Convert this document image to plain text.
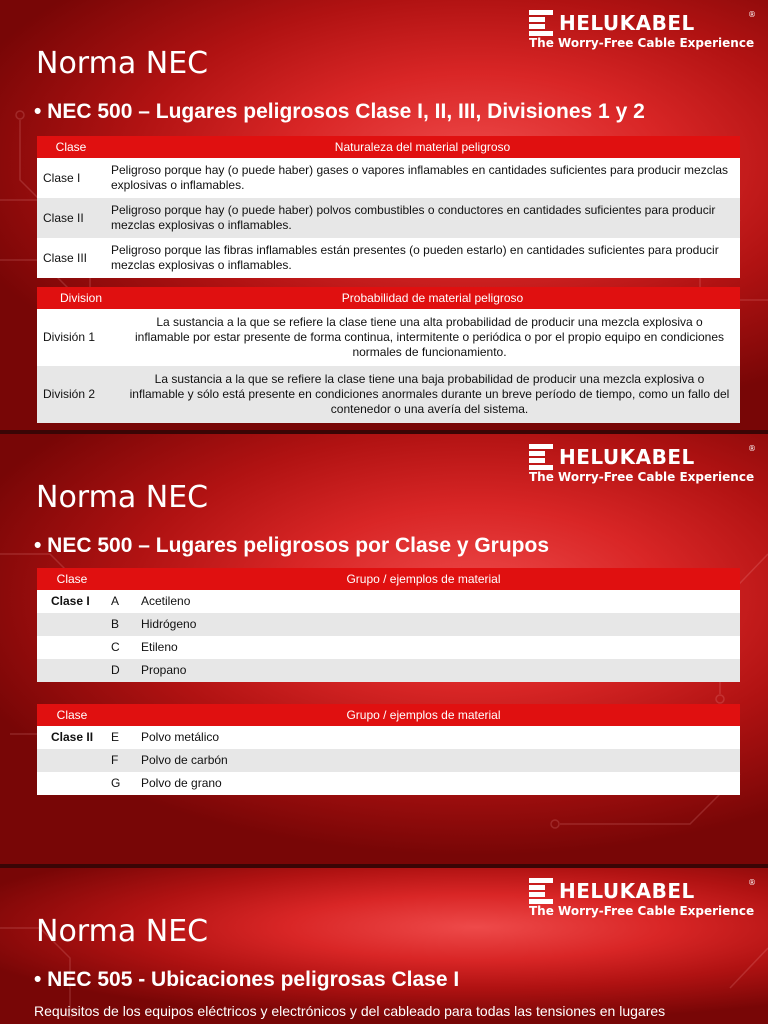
HELUKABEL	®
The Worry-Free Cable Experience
Norma NEC
• NEC 500 – Lugares peligrosos Clase I, II, III, Divisiones 1 y 2
Clase	Naturaleza del material peligroso
Clase I	Peligroso porque hay (o puede haber) gases o vapores inflamables en cantidades suficientes para producir mezclas explosivas o inflamables.
Clase II	Peligroso porque hay (o puede haber) polvos combustibles o conductores en cantidades suficientes para producir mezclas explosivas o inflamables.
Clase III	Peligroso porque las fibras inflamables están presentes (o pueden estarlo) en cantidades suficientes para producir mezclas explosivas o inflamables.
Division	Probabilidad de material peligroso
División 1	La sustancia a la que se refiere la clase tiene una alta probabilidad de producir una mezcla explosiva o inflamable por estar presente de forma continua, intermitente o periódica o por el propio equipo en condiciones normales de funcionamiento.
División 2	La sustancia a la que se refiere la clase tiene una baja probabilidad de producir una mezcla explosiva o inflamable y sólo está presente en condiciones anormales durante un breve período de tiempo, como un fallo del contenedor o una avería del sistema.
HELUKABEL	®
The Worry-Free Cable Experience
Norma NEC
• NEC 500 – Lugares peligrosos por Clase y Grupos
Clase	Grupo / ejemplos de material	
Clase I	A	Acetileno
	B	Hidrógeno
	C	Etileno
	D	Propano
Clase	Grupo / ejemplos de material	
Clase II	E	Polvo metálico
	F	Polvo de carbón
	G	Polvo de grano
HELUKABEL	®
The Worry-Free Cable Experience
Norma NEC
• NEC 505 - Ubicaciones peligrosas Clase I
Requisitos de los equipos eléctricos y electrónicos y del cableado para todas las tensiones en lugares
